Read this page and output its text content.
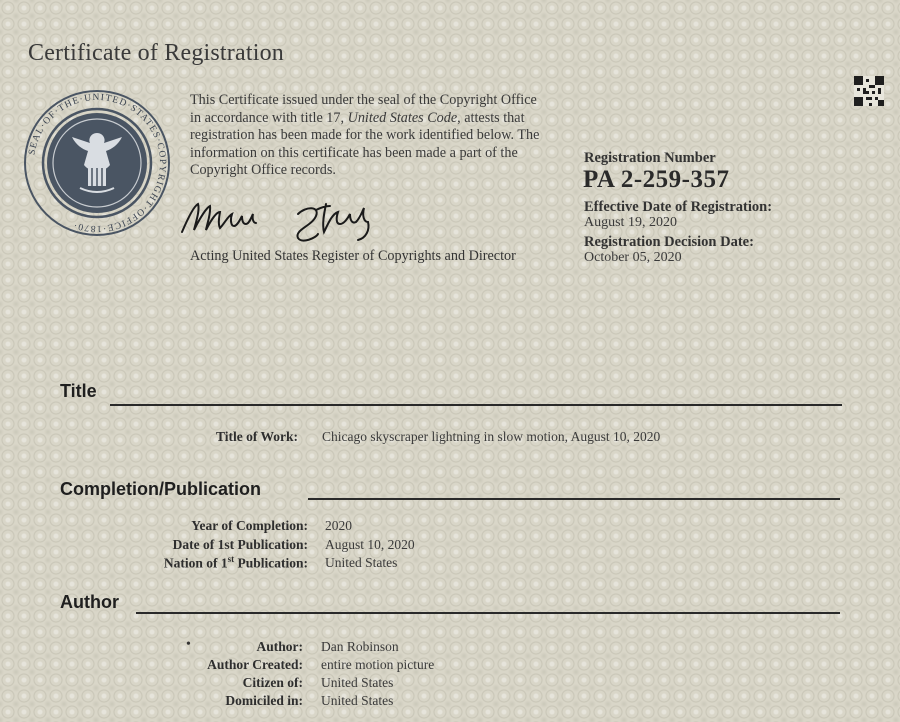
Certificate of Registration
SEAL·OF·THE·UNITED·STATES·COPYRIGHT·OFFICE·1870·
This Certificate issued under the seal of the Copyright Office in accordance with title 17, United States Code, attests that registration has been made for the work identified below. The information on this certificate has been made a part of the Copyright Office records.
Acting United States Register of Copyrights and Director
Registration Number
PA 2-259-357
Effective Date of Registration:
August 19, 2020
Registration Decision Date:
October 05, 2020
Title
Title of Work: Chicago skyscraper lightning in slow motion, August 10, 2020
Completion/Publication
Year of Completion: 2020
Date of 1st Publication: August 10, 2020
Nation of 1st Publication: United States
Author
•	Author: Dan Robinson
Author Created: entire motion picture
Citizen of: United States
Domiciled in: United States
